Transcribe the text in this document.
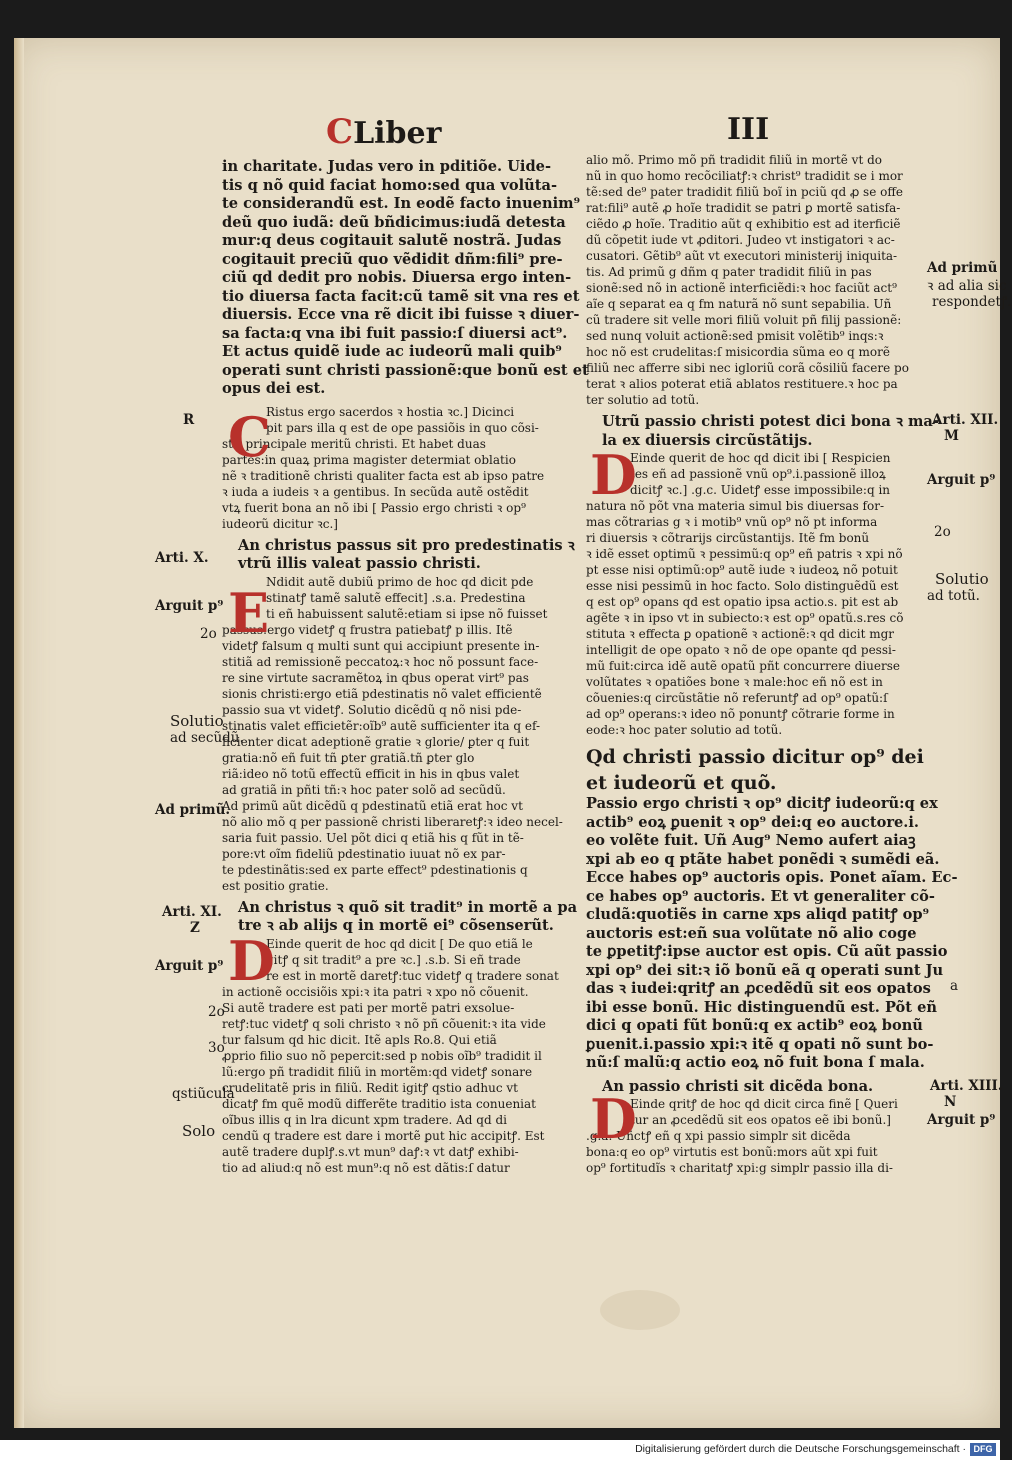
CLiber	III

in charitate. Judas vero in pditiõe. Uide-

tis q nõ quid faciat homo:sed qua volũta-

te considerandũ est. In eodẽ facto inuenim⁹

deũ quo iudã: deũ bñdicimus:iudã detesta

mur:q deus cogitauit salutẽ nostrã. Judas

cogitauit preciũ quo vẽdidit dñm:fili⁹ pre-

ciũ qd dedit pro nobis. Diuersa ergo inten-

tio diuersa facta facit:cũ tamẽ sit vna res et

diuersis. Ecce vna rẽ dicit ibi fuisse ꝛ diuer-

sa facta:q vna ibi fuit passio:ſ diuersi act⁹.

Et actus quidẽ iude ac iudeorũ mali quib⁹

operati sunt christi passionẽ:que bonũ est et

opus dei est.

Ristus ergo sacerdos ꝛ hostia ꝛc.] Dicinci

pit pars illa q est de ope passiõis in quo cõsi-

stit principale meritũ christi. Et habet duas

partes:in quaꝝ prima magister determiat oblatio

nẽ ꝛ traditionẽ christi qualiter facta est ab ipso patre

ꝛ iuda a iudeis ꝛ a gentibus. In secũda autẽ ostẽdit

vtꝝ fuerit bona an nõ ibi [ Passio ergo christi ꝛ op⁹

iudeorũ dicitur ꝛc.]

An christus passus sit pro predestinatis ꝛ

vtrũ illis valeat passio christi.

Ndidit autẽ dubiũ primo de hoc qd dicit pde

stinatꝭ tamẽ salutẽ effecit] .s.a. Predestina

ti eñ habuissent salutẽ:etiam si ipse nõ fuisset

passus:ergo videtꝭ q frustra patiebatꝭ p illis. Itẽ

videtꝭ falsum q multi sunt qui accipiunt presente in-

stitiã ad remissionẽ peccatoꝝ:ꝛ hoc nõ possunt face-

re sine virtute sacramẽtoꝝ in qbus operat virt⁹ pas

sionis christi:ergo etiã pdestinatis nõ valet efficientẽ

passio sua vt videtꝭ. Solutio dicẽdũ q nõ nisi pde-

stinatis valet efficietẽr:oĩb⁹ autẽ sufficienter ita q ef-

ficienter dicat adeptionẽ gratie ꝛ glorie/ ꝑter q fuit

gratia:nõ eñ fuit tñ ꝑter gratiã.tñ ꝑter glo

riã:ideo nõ totũ effectũ efficit in his in qbus valet

ad gratiã in pñti tñ:ꝛ hoc pater solõ ad secũdũ.

Ad primũ aũt dicẽdũ q pdestinatũ etiã erat hoc vt

nõ alio mõ q per passionẽ christi liberaretꝭ:ꝛ ideo necel-

saria fuit passio. Uel põt dici q etiã his q fũt in tẽ-

pore:vt oĩm fideliũ pdestinatio iuuat nõ ex par-

te pdestinãtis:sed ex parte effect⁹ pdestinationis q

est positio gratie.

An christus ꝛ quõ sit tradit⁹ in mortẽ a pa

tre ꝛ ab alijs q in mortẽ ei⁹ cõsenserũt.

Einde querit de hoc qd dicit [ De quo etiã le

gitꝭ q sit tradit⁹ a pre ꝛc.] .s.b. Si eñ trade

re est in mortẽ daretꝭ:tuc videtꝭ q tradere sonat

in actionẽ occisiõis xpi:ꝛ ita patri ꝛ xpo nõ cõuenit.

Si autẽ tradere est pati per mortẽ patri exsolue-

retꝭ:tuc videtꝭ q soli christo ꝛ nõ pñ cõuenit:ꝛ ita vide

tur falsum qd hic dicit. Itẽ apls Ro.8. Qui etiã

ꝓprio filio suo nõ pepercit:sed p nobis oĩb⁹ tradidit il

lũ:ergo pñ tradidit filiũ in mortẽm:qd videtꝭ sonare

crudelitatẽ pris in filiũ. Redit igitꝭ qstio adhuc vt

dicatꝭ fm quẽ modũ differẽte traditio ista conueniat

oĩbus illis q in lra dicunt xpm tradere. Ad qd di

cendũ q tradere est dare i mortẽ ꝑut hic accipitꝭ. Est

autẽ tradere duplꝭ.s.vt mun⁹ daꝭ:ꝛ vt datꝭ exhibi-

tio ad aliud:q nõ est mun⁹:q nõ est dãtis:ſ datur

C
E
D

alio mõ. Primo mõ pñ tradidit filiũ in mortẽ vt do

nũ in quo homo recõciliatꝭ:ꝛ christ⁹ tradidit se i mor

tẽ:sed de⁹ pater tradidit filiũ boĩ in pciũ qd ꝓ se offe

rat:fili⁹ autẽ ꝓ hoĩe tradidit se patri ꝑ mortẽ satisfa-

ciẽdo ꝓ hoĩe. Traditio aũt q exhibitio est ad iterficiẽ

dũ cõpetit iude vt ꝓditori. Judeo vt instigatori ꝛ ac-

cusatori. Gẽtib⁹ aũt vt executori ministerij iniquita-

tis. Ad primũ g dñm q pater tradidit filiũ in pas

sionẽ:sed nõ in actionẽ interficiẽdi:ꝛ hoc faciũt act⁹

aĩe q separat ea q fm naturã nõ sunt sepabilia. Uñ

cũ tradere sit velle mori filiũ voluit pñ filij passionẽ:

sed nunq voluit actionẽ:sed pmisit volẽtib⁹ inqs:ꝛ

hoc nõ est crudelitas:ſ misicordia sũma eo q morẽ

filiũ nec afferre sibi nec igloriũ corã cõsiliũ facere po

terat ꝛ alios poterat etiã ablatos restituere.ꝛ hoc pa

ter solutio ad totũ.

Utrũ passio christi potest dici bona ꝛ ma-

la ex diuersis circũstãtijs.

Einde querit de hoc qd dicit ibi [ Respicien

tes eñ ad passionẽ vnũ op⁹.i.passionẽ illoꝝ

dicitꝭ ꝛc.] .g.c. Uidetꝭ esse impossibile:q in

natura nõ põt vna materia simul bis diuersas for-

mas cõtrarias g ꝛ i motib⁹ vnũ op⁹ nõ pt informa

ri diuersis ꝛ cõtrarijs circũstantijs. Itẽ fm bonũ

ꝛ idẽ esset optimũ ꝛ pessimũ:q op⁹ eñ patris ꝛ xpi nõ

pt esse nisi optimũ:op⁹ autẽ iude ꝛ iudeoꝝ nõ potuit

esse nisi pessimũ in hoc facto. Solo distinguẽdũ est

q est op⁹ opans qd est opatio ipsa actio.s. pit est ab

agẽte ꝛ in ipso vt in subiecto:ꝛ est op⁹ opatũ.s.res cõ

stituta ꝛ effecta ꝑ opationẽ ꝛ actionẽ:ꝛ qd dicit mgr

intelligit de ope opato ꝛ nõ de ope opante qd pessi-

mũ fuit:circa idẽ autẽ opatũ pñt concurrere diuerse

volũtates ꝛ opatiões bone ꝛ male:hoc eñ nõ est in

cõuenies:q circũstãtie nõ referuntꝭ ad op⁹ opatũ:ſ

ad op⁹ operans:ꝛ ideo nõ ponuntꝭ cõtrarie forme in

eode:ꝛ hoc pater solutio ad totũ.

Qd christi passio dicitur op⁹ dei

et iudeorũ et quõ.

Passio ergo christi ꝛ op⁹ dicitꝭ iudeorũ:q ex

actib⁹ eoꝝ ꝑuenit ꝛ op⁹ dei:q eo auctore.i.

eo volẽte fuit. Uñ Aug⁹ Nemo aufert aiaꝫ

xpi ab eo q ptãte habet ponẽdi ꝛ sumẽdi eã.

Ecce habes op⁹ auctoris opis. Ponet aĩam. Ec-

ce habes op⁹ auctoris. Et vt generaliter cõ-

cludã:quotiẽs in carne xps aliqd patitꝭ op⁹

auctoris est:eñ sua volũtate nõ alio coge

te ꝑpetitꝭ:ipse auctor est opis. Cũ aũt passio

xpi op⁹ dei sit:ꝛ iõ bonũ eã q operati sunt Ju

das ꝛ iudei:qritꝭ an ꝓcedẽdũ sit eos opatos

ibi esse bonũ. Hic distinguendũ est. Põt eñ

dici q opati fũt bonũ:q ex actib⁹ eoꝝ bonũ

ꝑuenit.i.passio xpi:ꝛ itẽ q opati nõ sunt bo-

nũ:ſ malũ:q actio eoꝝ nõ fuit bona ſ mala.

An passio christi sit dicẽda bona.

Einde qritꝭ de hoc qd dicit circa finẽ [ Queri

tur an ꝓcedẽdũ sit eos opatos eẽ ibi bonũ.]

.g.a. Uñctꝭ eñ q xpi passio simplr sit dicẽda

bona:q eo op⁹ virtutis est bonũ:mors aũt xpi fuit

op⁹ fortitudĩs ꝛ charitatꝭ xpi:g simplr passio illa di-

D
D
R
Arti. X.
Arguit p⁹
2o
Solutio
ad secũdũ.
Ad primũ.
Arti. XI.
Z
Arguit p⁹
2o
3o
qstiũcula
Solo
Ad primũ
ꝛ ad alia sic
respondetꝭ.
Arti. XII.
M
Arguit p⁹
2o
Solutio
ad totũ.
a
Arti. XIII.
N
Arguit p⁹
Digitalisierung gefördert durch die Deutsche Forschungsgemeinschaft · DFG
